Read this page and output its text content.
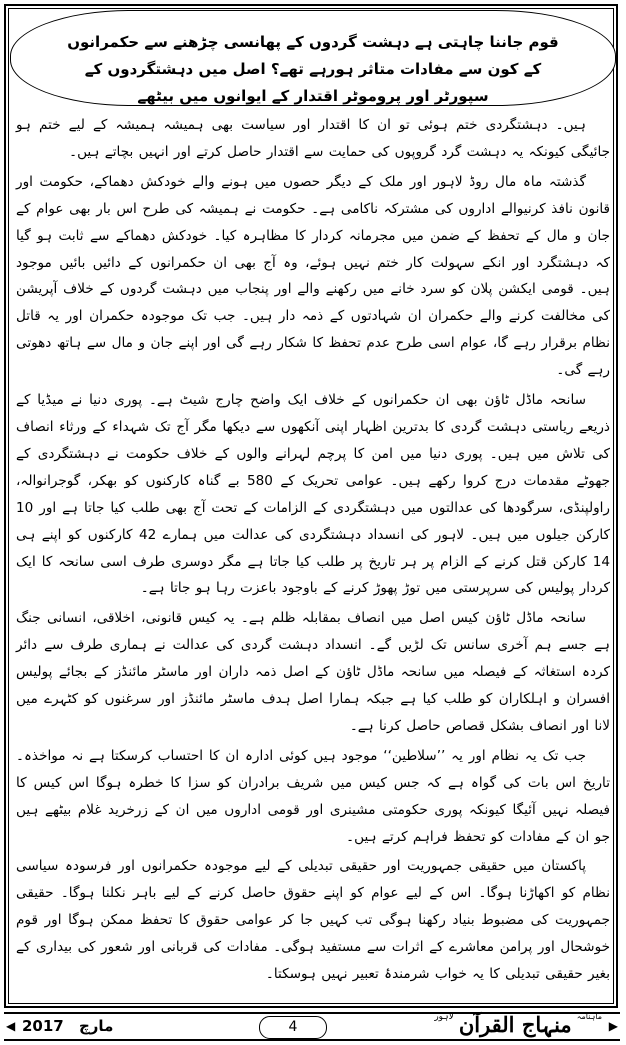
قوم جاننا چاہتی ہے دہشت گردوں کے پھانسی چڑھنے سے حکمرانوں کے کون سے مفادات متاثر ہورہے تھے؟ اصل میں دہشتگردوں کے سپورٹر اور پروموٹر اقتدار کے ایوانوں میں بیٹھے

ہیں۔ دہشتگردی ختم ہوئی تو ان کا اقتدار اور سیاست بھی ہمیشہ ہمیشہ کے لیے ختم ہو جائیگی کیونکہ یہ دہشت گرد گروپوں کی حمایت سے اقتدار حاصل کرتے اور انہیں بچاتے ہیں۔

گذشتہ ماہ مال روڈ لاہور اور ملک کے دیگر حصوں میں ہونے والے خودکش دھماکے، حکومت اور قانون نافذ کرنیوالے اداروں کی مشترکہ ناکامی ہے۔ حکومت نے ہمیشہ کی طرح اس بار بھی عوام کے جان و مال کے تحفظ کے ضمن میں مجرمانہ کردار کا مظاہرہ کیا۔ خودکش دھماکے سے ثابت ہو گیا کہ دہشتگرد اور انکے سہولت کار ختم نہیں ہوئے، وہ آج بھی ان حکمرانوں کے دائیں بائیں موجود ہیں۔ قومی ایکشن پلان کو سرد خانے میں رکھنے والے اور پنجاب میں دہشت گردوں کے خلاف آپریشن کی مخالفت کرنے والے حکمران ان شہادتوں کے ذمہ دار ہیں۔ جب تک موجودہ حکمران اور یہ قاتل نظام برقرار رہے گا، عوام اسی طرح عدم تحفظ کا شکار رہے گی اور اپنے جان و مال سے ہاتھ دھوتی رہے گی۔

سانحہ ماڈل ٹاؤن بھی ان حکمرانوں کے خلاف ایک واضح چارج شیٹ ہے۔ پوری دنیا نے میڈیا کے ذریعے ریاستی دہشت گردی کا بدترین اظہار اپنی آنکھوں سے دیکھا مگر آج تک شہداء کے ورثاء انصاف کی تلاش میں ہیں۔ پوری دنیا میں امن کا پرچم لہرانے والوں کے خلاف حکومت نے دہشتگردی کے جھوٹے مقدمات درج کروا رکھے ہیں۔ عوامی تحریک کے 580 بے گناہ کارکنوں کو بھکر، گوجرانوالہ، راولپنڈی، سرگودھا کی عدالتوں میں دہشتگردی کے الزامات کے تحت آج بھی طلب کیا جاتا ہے اور 10 کارکن جیلوں میں ہیں۔ لاہور کی انسداد دہشتگردی کی عدالت میں ہمارے 42 کارکنوں کو اپنے ہی 14 کارکن قتل کرنے کے الزام پر ہر تاریخ پر طلب کیا جاتا ہے مگر دوسری طرف اسی سانحہ کا ایک کردار پولیس کی سرپرستی میں توڑ پھوڑ کرنے کے باوجود باعزت رہا ہو جاتا ہے۔

سانحہ ماڈل ٹاؤن کیس اصل میں انصاف بمقابلہ ظلم ہے۔ یہ کیس قانونی، اخلاقی، انسانی جنگ ہے جسے ہم آخری سانس تک لڑیں گے۔ انسداد دہشت گردی کی عدالت نے ہماری طرف سے دائر کردہ استغاثہ کے فیصلہ میں سانحہ ماڈل ٹاؤن کے اصل ذمہ داران اور ماسٹر مائنڈز کے بجائے پولیس افسران و اہلکاران کو طلب کیا ہے جبکہ ہمارا اصل ہدف ماسٹر مائنڈز اور سرغنوں کو کٹہرے میں لانا اور انصاف بشکل قصاص حاصل کرنا ہے۔

جب تک یہ نظام اور یہ ’’سلاطین‘‘ موجود ہیں کوئی ادارہ ان کا احتساب کرسکتا ہے نہ مواخذہ۔ تاریخ اس بات کی گواہ ہے کہ جس کیس میں شریف برادران کو سزا کا خطرہ ہوگا اس کیس کا فیصلہ نہیں آئیگا کیونکہ پوری حکومتی مشینری اور قومی اداروں میں ان کے زرخرید غلام بیٹھے ہیں جو ان کے مفادات کو تحفظ فراہم کرتے ہیں۔

پاکستان میں حقیقی جمہوریت اور حقیقی تبدیلی کے لیے موجودہ حکمرانوں اور فرسودہ سیاسی نظام کو اکھاڑنا ہوگا۔ اس کے لیے عوام کو اپنے حقوق حاصل کرنے کے لیے باہر نکلنا ہوگا۔ حقیقی جمہوریت کی مضبوط بنیاد رکھنا ہوگی تب کہیں جا کر عوامی حقوق کا تحفظ ممکن ہوگا اور قوم خوشحال اور پرامن معاشرے کے اثرات سے مستفید ہوگی۔ مفادات کی قربانی اور شعور کی بیداری کے بغیر حقیقی تبدیلی کا یہ خواب شرمندۂ تعبیر نہیں ہوسکتا۔

◀	مارچ 2017	4
$^{ماہنامہ}$ منہاج القرآن $^{لاہور}$
▶
